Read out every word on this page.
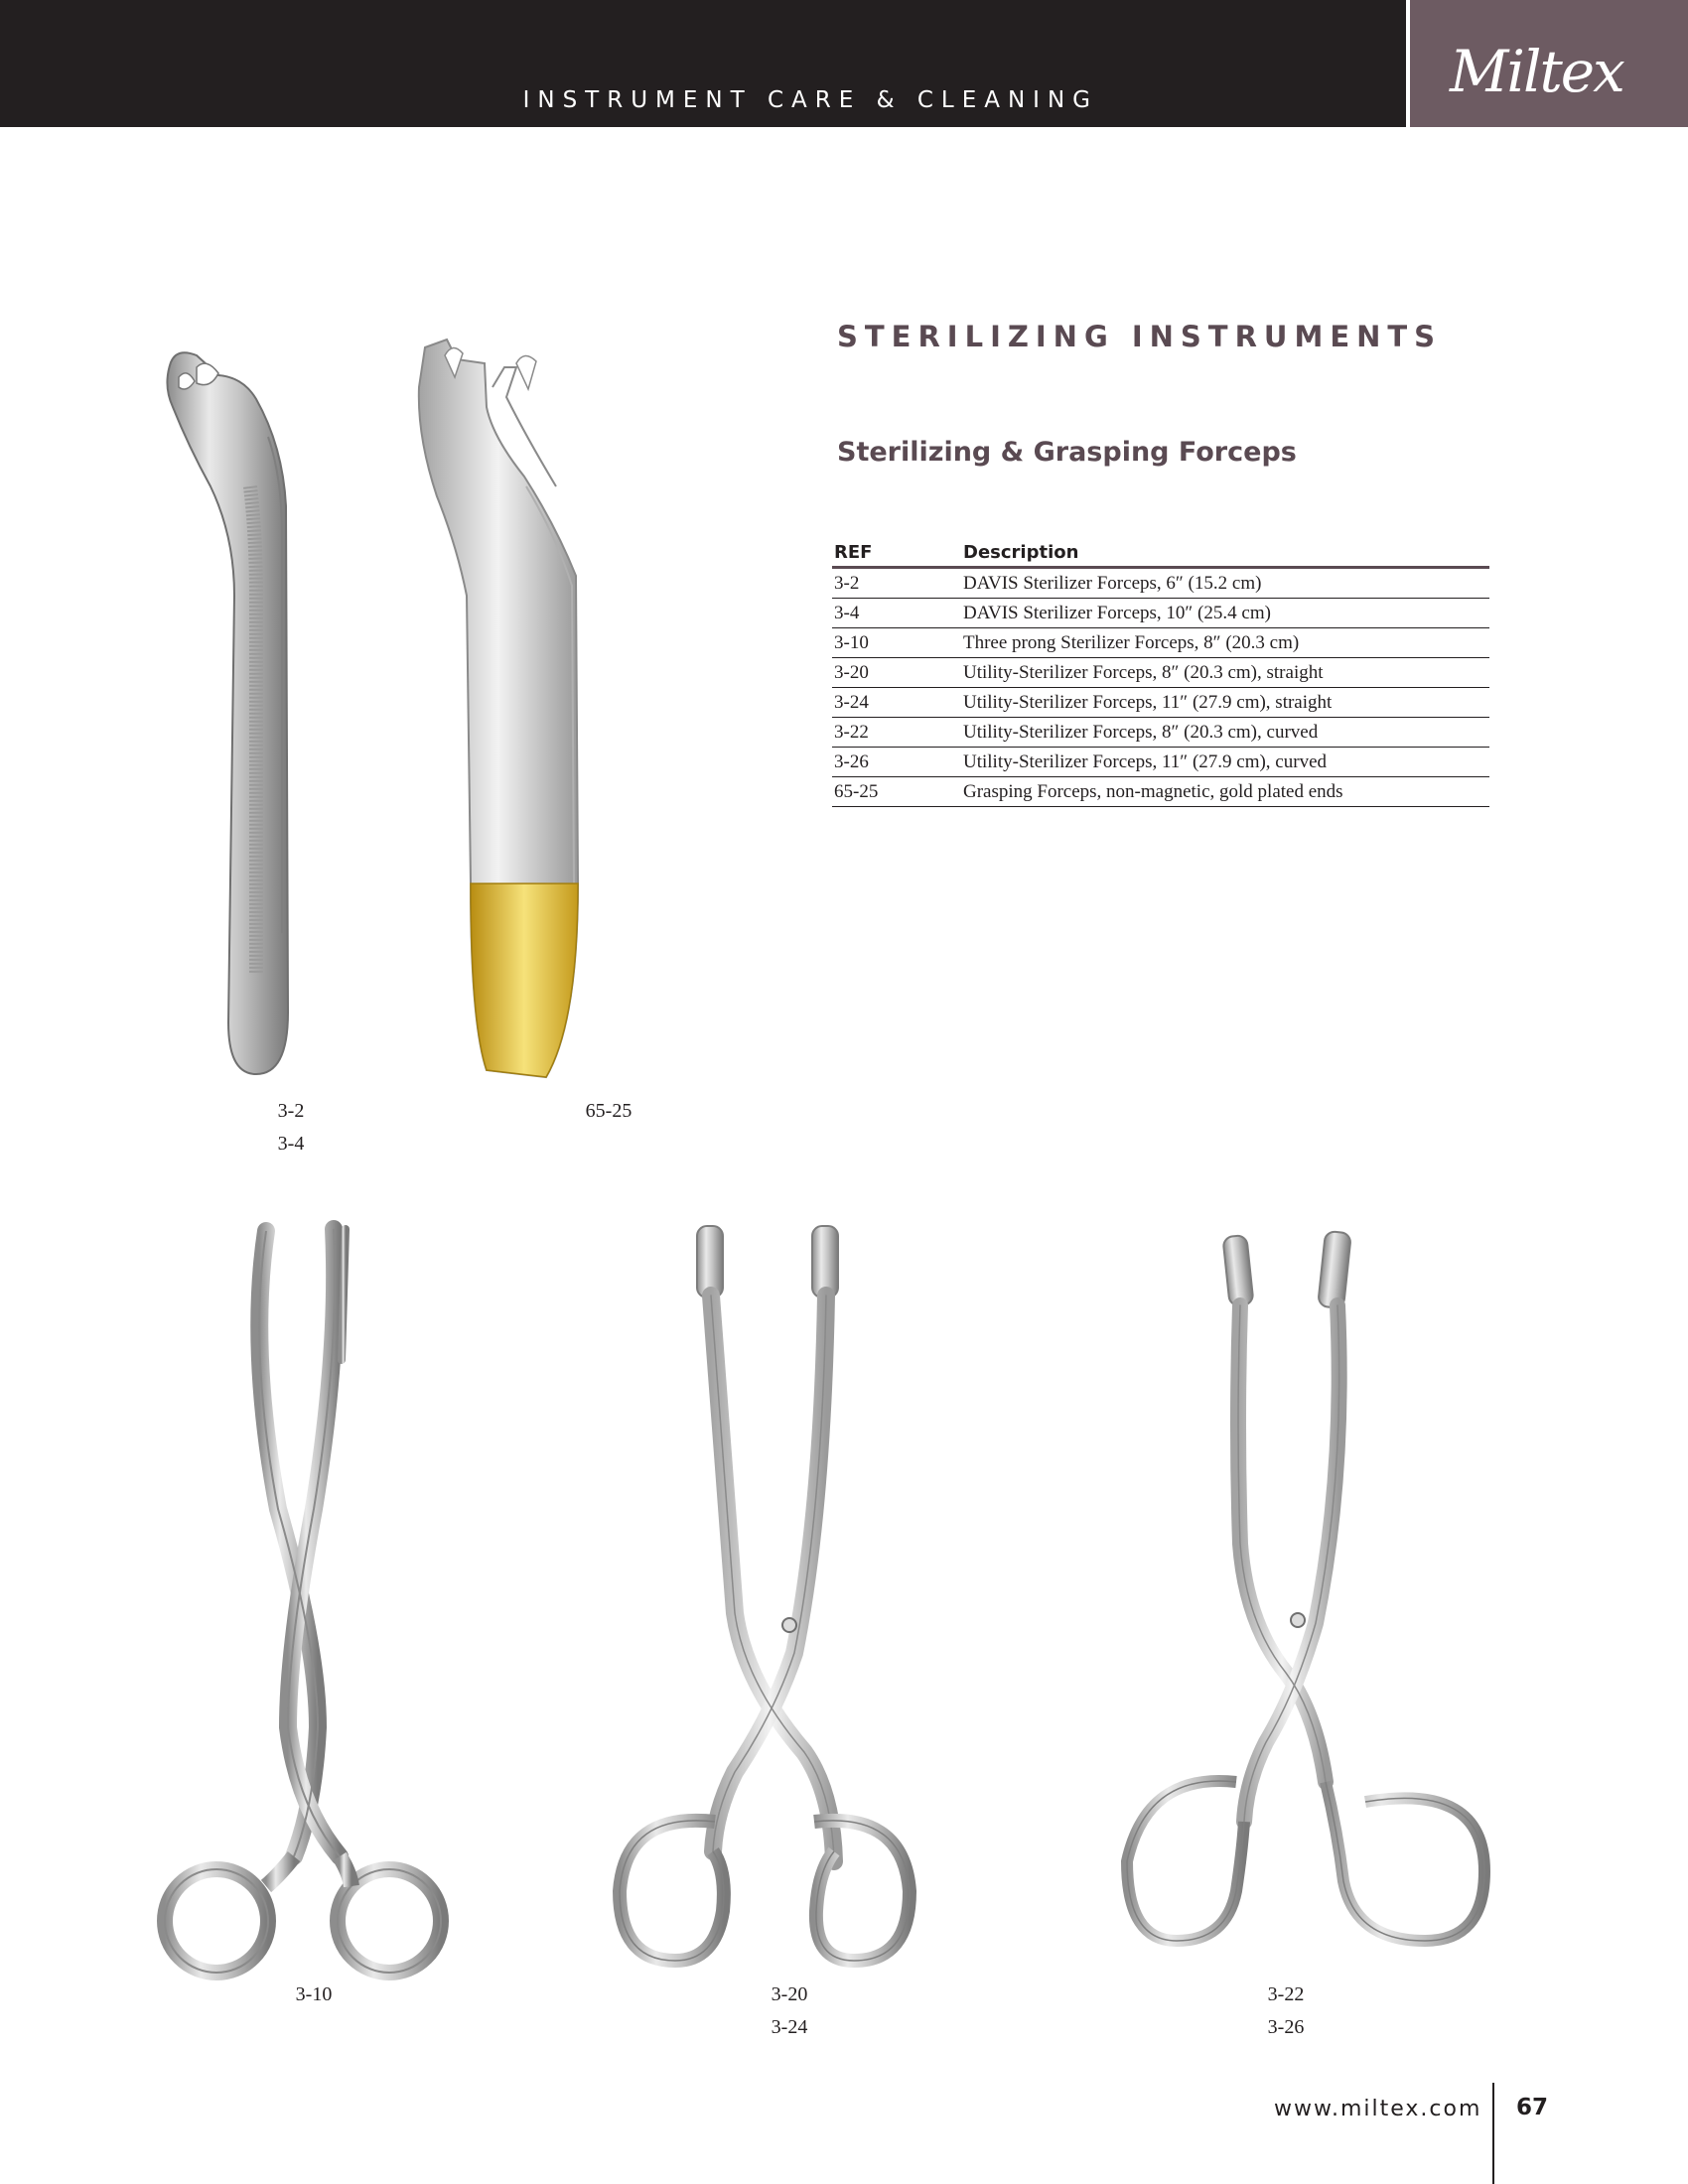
INSTRUMENT CARE & CLEANING	Miltex
STERILIZING INSTRUMENTS
Sterilizing & Grasping Forceps
REF	Description
3-2	DAVIS Sterilizer Forceps, 6″ (15.2 cm)
3-4	DAVIS Sterilizer Forceps, 10″ (25.4 cm)
3-10	Three prong Sterilizer Forceps, 8″ (20.3 cm)
3-20	Utility-Sterilizer Forceps, 8″ (20.3 cm), straight
3-24	Utility-Sterilizer Forceps, 11″ (27.9 cm), straight
3-22	Utility-Sterilizer Forceps, 8″ (20.3 cm), curved
3-26	Utility-Sterilizer Forceps, 11″ (27.9 cm), curved
65-25	Grasping Forceps, non-magnetic, gold plated ends
3-2
3-4
65-25
3-10	3-20
3-24
3-22
3-26
www.miltex.com 67
